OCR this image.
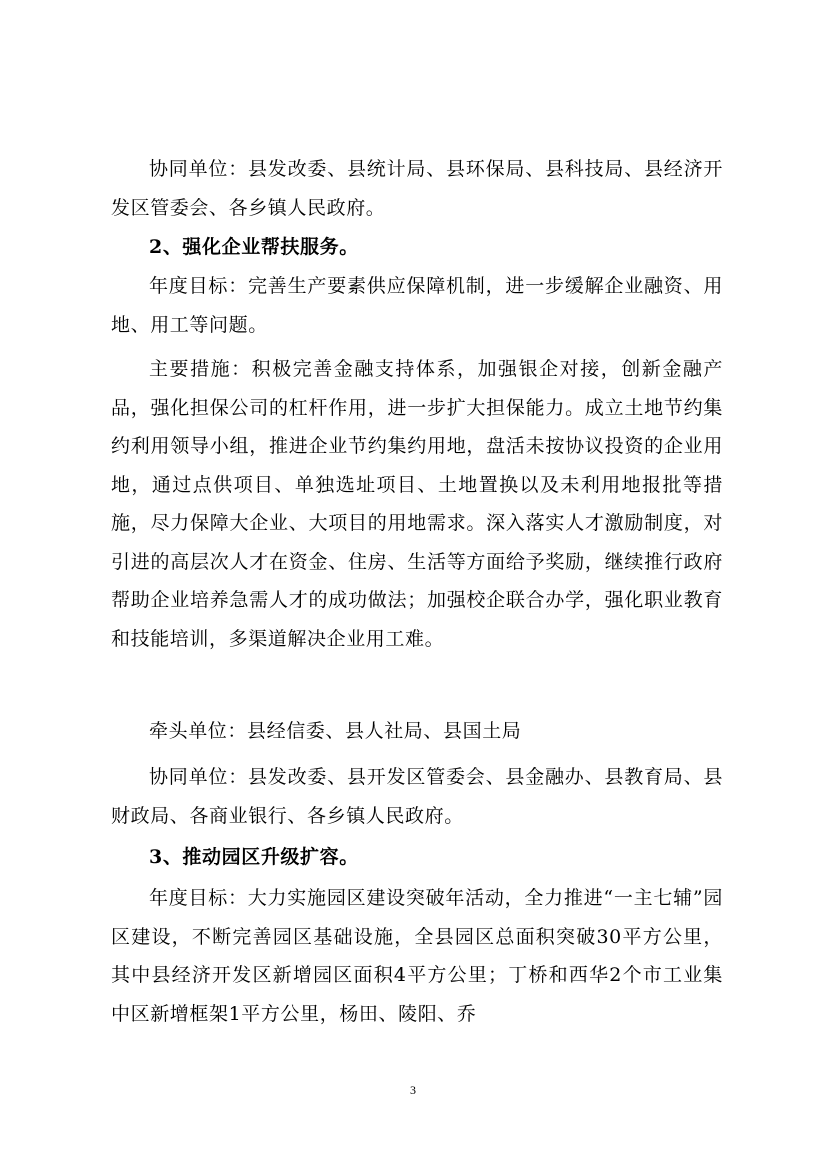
协同单位：县发改委、县统计局、县环保局、县科技局、县经济开发区管委会、各乡镇人民政府。

2、强化企业帮扶服务。

年度目标：完善生产要素供应保障机制，进一步缓解企业融资、用地、用工等问题。

主要措施：积极完善金融支持体系，加强银企对接，创新金融产品，强化担保公司的杠杆作用，进一步扩大担保能力。成立土地节约集约利用领导小组，推进企业节约集约用地，盘活未按协议投资的企业用地，通过点供项目、单独选址项目、土地置换以及未利用地报批等措施，尽力保障大企业、大项目的用地需求。深入落实人才激励制度，对引进的高层次人才在资金、住房、生活等方面给予奖励，继续推行政府帮助企业培养急需人才的成功做法；加强校企联合办学，强化职业教育和技能培训，多渠道解决企业用工难。

牵头单位：县经信委、县人社局、县国土局

协同单位：县发改委、县开发区管委会、县金融办、县教育局、县财政局、各商业银行、各乡镇人民政府。

3、推动园区升级扩容。

年度目标：大力实施园区建设突破年活动，全力推进“一主七辅”园区建设，不断完善园区基础设施，全县园区总面积突破30平方公里，其中县经济开发区新增园区面积4平方公里；丁桥和西华2个市工业集中区新增框架1平方公里，杨田、陵阳、乔

3
